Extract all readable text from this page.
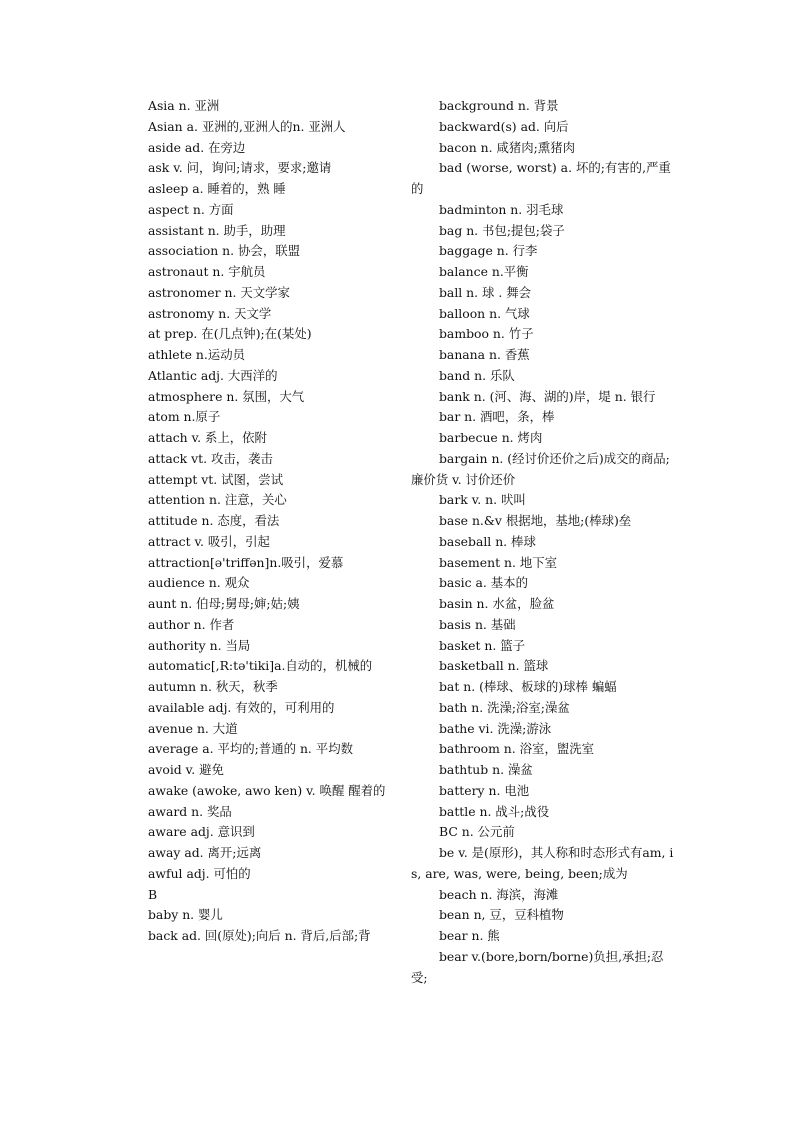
Asia n. 亚洲

Asian a. 亚洲的,亚洲人的n. 亚洲人

aside ad. 在旁边

ask v. 问，询问;请求，要求;邀请

asleep a. 睡着的，熟 睡

aspect n. 方面

assistant n. 助手，助理

association n. 协会，联盟

astronaut n. 宇航员

astronomer n. 天文学家

astronomy n. 天文学

at prep. 在(几点钟);在(某处)

athlete n.运动员

Atlantic adj. 大西洋的

atmosphere n. 氛围，大气

atom n.原子

attach v. 系上，依附

attack vt. 攻击，袭击

attempt vt. 试图，尝试

attention n. 注意，关心

attitude n. 态度，看法

attract v. 吸引，引起

attraction[ə'triffən]n.吸引，爱慕

audience n. 观众

aunt n. 伯母;舅母;婶;姑;姨

author n. 作者

authority n. 当局

automatic[,R:tə'tiki]a.自动的，机械的

autumn n. 秋天，秋季

available adj. 有效的，可利用的

avenue n. 大道

average a. 平均的;普通的 n. 平均数

avoid v. 避免

awake (awoke, awo ken) v. 唤醒 醒着的

award n. 奖品

aware adj. 意识到

away ad. 离开;远离

awful adj. 可怕的

B

baby n. 婴儿

back ad. 回(原处);向后 n. 背后,后部;背

background n. 背景

backward(s) ad. 向后

bacon n. 咸猪肉;熏猪肉

bad (worse, worst) a. 坏的;有害的,严重的

badminton n. 羽毛球

bag n. 书包;提包;袋子

baggage n. 行李

balance n.平衡

ball n. 球 . 舞会

balloon n. 气球

bamboo n. 竹子

banana n. 香蕉

band n. 乐队

bank n. (河、海、湖的)岸，堤 n. 银行

bar n. 酒吧，条，棒

barbecue n. 烤肉

bargain n. (经讨价还价之后)成交的商品;廉价货 v. 讨价还价

bark v. n. 吠叫

base n.&v 根据地，基地;(棒球)垒

baseball n. 棒球

basement n. 地下室

basic a. 基本的

basin n. 水盆，脸盆

basis n. 基础

basket n. 篮子

basketball n. 篮球

bat n. (棒球、板球的)球棒 蝙蝠

bath n. 洗澡;浴室;澡盆

bathe vi. 洗澡;游泳

bathroom n. 浴室，盥洗室

bathtub n. 澡盆

battery n. 电池

battle n. 战斗;战役

BC n. 公元前

be v. 是(原形)，其人称和时态形式有am, is, are, was, were, being, been;成为

beach n. 海滨，海滩

bean n, 豆，豆科植物

bear n. 熊

bear v.(bore,born/borne)负担,承担;忍受;
